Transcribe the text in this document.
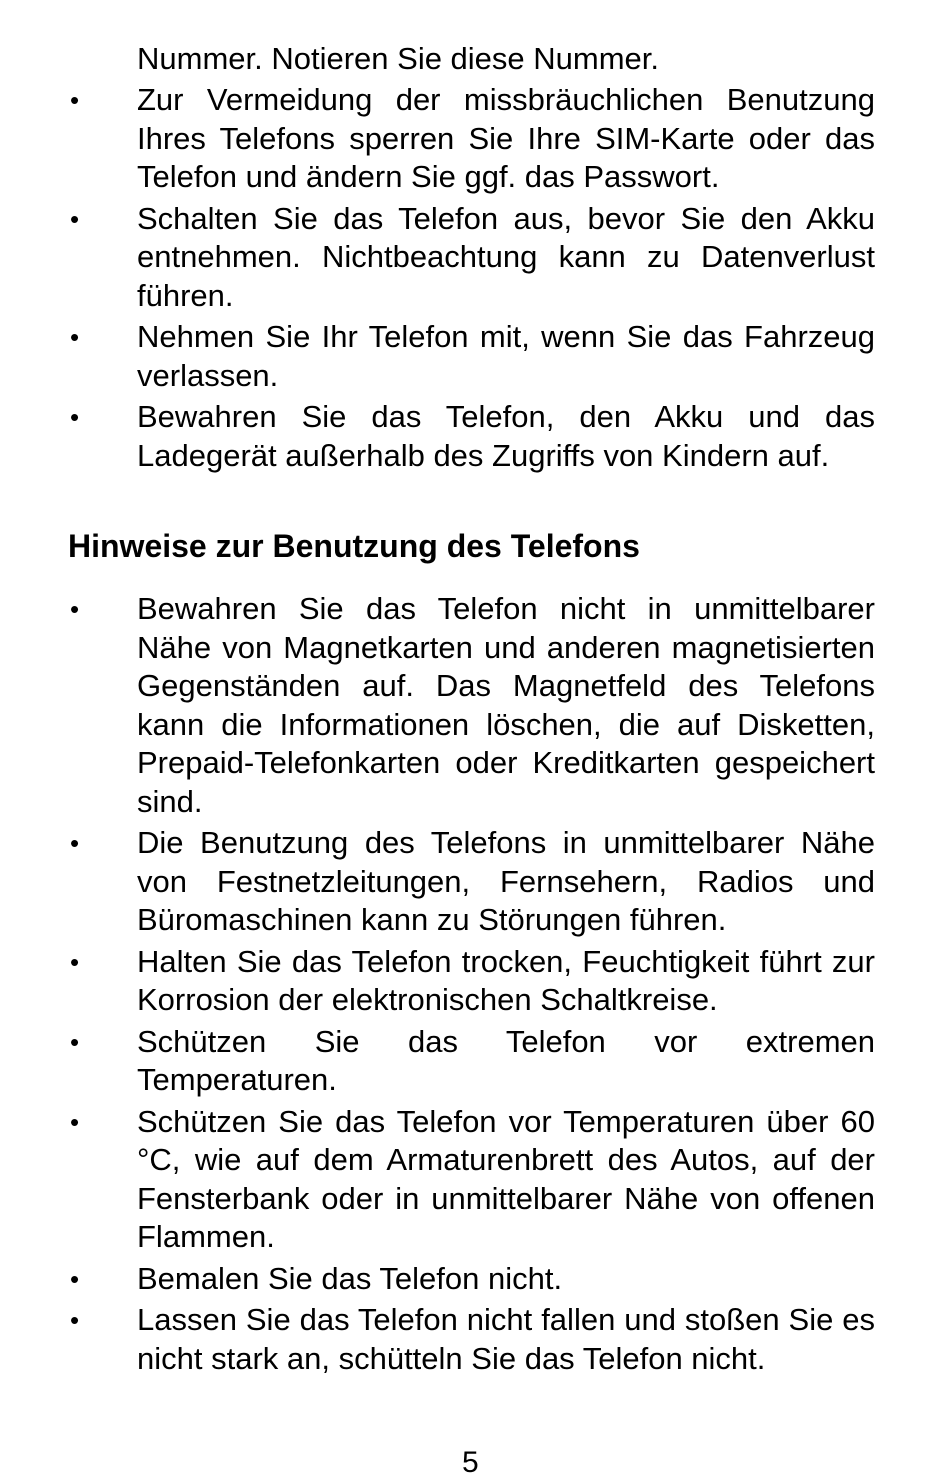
Nummer. Notieren Sie diese Nummer.
• Zur Vermeidung der missbräuchlichen Benutzung Ihres Telefons sperren Sie Ihre SIM-Karte oder das Telefon und ändern Sie ggf. das Passwort.
• Schalten Sie das Telefon aus, bevor Sie den Akku entnehmen. Nichtbeachtung kann zu Datenverlust führen.
• Nehmen Sie Ihr Telefon mit, wenn Sie das Fahrzeug verlassen.
• Bewahren Sie das Telefon, den Akku und das Ladegerät außerhalb des Zugriffs von Kindern auf.
Hinweise zur Benutzung des Telefons
• Bewahren Sie das Telefon nicht in unmittelbarer Nähe von Magnetkarten und anderen magnetisierten Gegenständen auf. Das Magnetfeld des Telefons kann die Informationen löschen, die auf Disketten, Prepaid-Telefonkarten oder Kreditkarten gespeichert sind.
• Die Benutzung des Telefons in unmittelbarer Nähe von Festnetzleitungen, Fernsehern, Radios und Büromaschinen kann zu Störungen führen.
• Halten Sie das Telefon trocken, Feuchtigkeit führt zur Korrosion der elektronischen Schaltkreise.
• Schützen Sie das Telefon vor extremen Temperaturen.
• Schützen Sie das Telefon vor Temperaturen über 60 °C, wie auf dem Armaturenbrett des Autos, auf der Fensterbank oder in unmittelbarer Nähe von offenen Flammen.
• Bemalen Sie das Telefon nicht.
• Lassen Sie das Telefon nicht fallen und stoßen Sie es nicht stark an, schütteln Sie das Telefon nicht.
5
